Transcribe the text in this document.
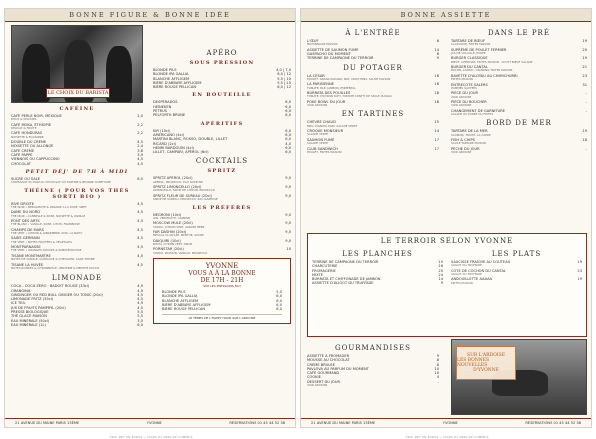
BONNE FIGURE & BONNE IDÉE
LE CHOIX DU BARISTA
CAFÉINE
CAFÉ PERLÉ NOIR, MEXIQUE	2,0
DOUX & VELOURS
CAFÉ MOKA, ÉTHIOPIE	2,2
DÉLICAT & FRUITÉ
CAFÉ HONDURAS	2,2
NOISETTE & ÉQUILIBRÉ
DOUBLE DU CRÈME	4,5
NOISETTE OU ALLONGÉ	2,4
CAFÉ CRÈME	3,8
CAFÉ PAPPÉ	3,9
VIENNOIS OU CAPPUCCINO	4,5
CHOCOLAT	4,5
PETIT DÉJ' DE 7H À MIDI
SUCRÉ OU SALÉ	6,5
CROISSANT OU PAIN AU CHOCOLAT OU TARTINE & BEURRE CONFITURE
THÉINE ( POUR VOS THÉS SORTI BIO )
RIVE DROITE	4,5
THÉ NOIR • BERGAMOTE & ORANGE À LA RUSE, SMPT
DAME DU NORD	4,5
THÉ NOIR • CANNELLE & ROSE, NOISETTE & VANILLE
PONT DES ARTS	4,5
THÉ BLANC • VANILLE, ROSE, LITCHI, FRAMBOISE
CHAMPS DE MARS	4,5
THÉ VERT • CITRON & GINGEMBRE, KIWI, LA NATIV
SAINT-GERMAIN	4,5
THÉ VERT • NOTES FRUITÉES & VÉGÉTALES
MONTPARNASSE	4,5
THÉ VERT • ORANGES DOUCES & PAMPLEMOUSSE
TISANE MONTMARTRE	4,5
NOTES DE VANILLE, GUIMAUVE & CHEVALIER, SANS THÉINE
TISANE LA HUVÉE	4,5
NOTES RONDES & CITRONNELLE, VERVEINE & MENTHE DOUCE
LIMONADE
COCA - COCA ZÉRO · BADOIT ROUGE (33cl)	4,9
ORANGINA	4,9
GINGINGER OU RED BULL GINGER OU TONIC (20cl)	4,5
LIMONADE FRITZ (33cl)	4,5
ICE TEA	4,9
JUS DE FRUITS PAMPRYL (20cl)	4,5
PRESSE BIOLOGIQUE	5,5
THÉ GLACÉ MAISON	5,5
EAU MINÉRALE (50cl)	3,5
EAU MINÉRALE (1L)	6,0
APÉRO
SOUS PRESSION
BLONDE PILS	4,0 | 7,0
BLONDE IPA GALLIA	6,0 | 12
BLANCHE AFFLIGEM	5,5 | 10
BIÈRE D'ABBAYE AFFLIGEM	5,5 | 10
BIÈRE ROUGE PELLICAN	6,0 | 12
EN BOUTEILLE
DESPERADOS	6,0
HEINEKEN	6,0
PÉTRUS	6,0
PELFORTH BRUNE	6,0
APÉRITIFS
KIR (10cl)	6,0
AMERICANO (4cl)	8,0
MARTINI BLANC, ROSSO, DOUBLE, LILLET	6,0
RICARD (2cl)	4,0
HENRI BARDOUIN (4cl)	6,0
LILLET, CAMPARI, APEROL (6cl)	6,0
COCKTAILS
SPRITZ
SPRITZ APÉROL (20cl)	9,0
APEROL, PROSECCO, EAU GAZEUSE
SPRITZ LIMONCELLO (20cl)	9,0
LIMONCELLO, SIROP DE CITRON, PROSECCO
SPRITZ FLEUR DE SUREAU (20cl)	9,0
SIROP DE SUREAU, PROSECCO, EAU GAZEUSE
LES PRÉFÉRÉS
NÉGRONI (10cl)	9,0
GIN, VERMOUTH, CAMPARI
MOSCOW MULE (20cl)	9,0
VODKA, CITRON VERT, GINGER BEER
FAR DASHIN (20cl)	9,0
MESCAL OU RHUM, MENTHE, SUCRE
DAIQUIRI (10cl)	9,0
RHUM, CITRON VERT, SIROP
PORNSTAR (20cl)	10
VODKA, PASSION, VANILLE, PROSECCO
YVONNE
VOUS A À LA BONNE
DE 17H - 21H
SUR LES PRESSIONS 50cl
BLONDE PILS	5,0
BLONDE IPA GALLIA	6,0
BLANCHE AFFLIGEM	6,0
BIÈRE D'ABBAYE AFFLIGEM	6,0
BIÈRE ROUGE PELLICAN	6,0
LE TEMPS DE L'HAPPY HOUR SUR L'ARDOISE
21 AVENUE DU MAINE PARIS 15ÈME	YVONNE	RÉSERVATIONS 01 45 44 52 38
BONNE ASSIETTE
À L'ENTRÉE
L'ŒUF	6
MAYONNAISE MAISON
ASSIETTE DE SAUMON FUMÉ	14
GASPACHO DU MOMENT	8
TERRINE DE CAMPAGNE DU TERROIR	9
DU POTAGER
LA CÉSAR	16
POULET, GRANA PADANO, BLÉ, CROÛTONS, SAUCE MAISON
LA PARISIENNE	16
TOMATE, BLÉ, JAMBON, EMMENTAL
BURRATA DES POUILLES	18
TOMATE, POIVRON ROTI, TOMATE CONFIT DE SICILE, BASILIC
POKE BOWL DU JOUR	18
VOIR ARDOISE
EN TARTINES
CHÈVRE CHAUD	15
MIEL, PIGNON, PAIN, SALADE VERTE
CROQUE MONSIEUR	14
SALADE VERTE
SAUMON FUMÉ	17
SALADE VERTE
CLUB SANDWICH	17
POULET, FRITES MAISON
DANS LE PRÉ
TARTARE DE BŒUF	19
CLASSIQUE, FRITES MAISON
SUPRÊME DE POULET FERMIER	20
JUS DE VOLAILLE, PURÉE
BURGER CLASSIQUE	19
BŒUF, CHEDDAR, FRITES MAISON · OUI ET BŒUF SALADE
BURGER DU CANTAL	21
BACON, CANTAL, OIGNONS, FRITES MAISON
BAVETTE D'ALOYAU AU CHIMICHURRI	23
FRITES MAISON
ENTRECÔTE SALERS	31
POMMES SAUTÉES
PIÈCE DU JOUR	-
VOIR ARDOISE
PIÈCE DU BOUCHER	-
VOIR ARDOISE
CHANGEMENT DE GARNITURE	-
SALADE OU PURÉE OU FRITES
BORD DE MER
TARTARE DE LA MER	19
SAUMON, TRUITE, LA CAPRE
FISH & CHIPS	18
SAUCE TARTARE MAISON
PÊCHE DU JOUR	-
VOIR ARDOISE
LE TERROIR SELON YVONNE
LES PLANCHES
TERRINE DE CAMPAGNE DU TERROIR	15
CHARCUTERIE	16
FROMAGERIE	20
MIXTE	24
BURRATA ET CHIFFONADE DE JAMBON	14
ASSIETTE D'ALIGOT DU TRUFFADE	9
LES PLATS
SAUCISSE FRAÎCHE AU COUTEAU	19
ALIGOT OU TRUFFADE
CÔTE DE COCHON DU CANTAL	23
ALIGOT OU TRUFFADE
ANDOUILLETTE AAAAA	19
FRITES MAISON
GOURMANDISES
ASSIETTE À FROMAGER	9
MOUSSE AU CHOCOLAT	8
CRÈME BRÛLÉE	8
PAVLOVA AU PARFUM DU MOMENT	10
CAFÉ GOURMAND	10
COOKIE	4
DESSERT DU JOUR	-
VOIR ARDOISE
SUR L'ARDOISE
LES BONNES NOUVELLES
D'YVONNE
21 AVENUE DU MAINE PARIS 15ÈME	YVONNE	RÉSERVATIONS 01 45 44 52 38
PRIX NET EN EUROS • TAXES ET SERVICE COMPRIS	PRIX NET EN EUROS • TAXES ET SERVICE COMPRIS
